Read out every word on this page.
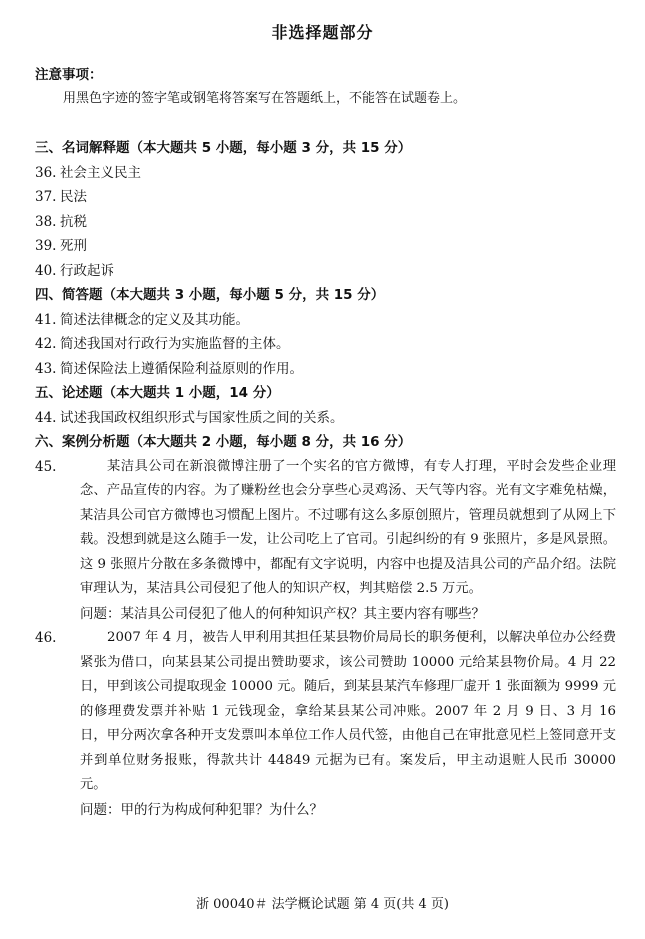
非选择题部分
注意事项：
用黑色字迹的签字笔或钢笔将答案写在答题纸上，不能答在试题卷上。
三、名词解释题（本大题共 5 小题，每小题 3 分，共 15 分）
36. 社会主义民主
37. 民法
38. 抗税
39. 死刑
40. 行政起诉
四、简答题（本大题共 3 小题，每小题 5 分，共 15 分）
41. 简述法律概念的定义及其功能。
42. 简述我国对行政行为实施监督的主体。
43. 简述保险法上遵循保险利益原则的作用。
五、论述题（本大题共 1 小题，14 分）
44. 试述我国政权组织形式与国家性质之间的关系。
六、案例分析题（本大题共 2 小题，每小题 8 分，共 16 分）
45.	某洁具公司在新浪微博注册了一个实名的官方微博，有专人打理，平时会发些企业理念、产品宣传的内容。为了赚粉丝也会分享些心灵鸡汤、天气等内容。光有文字难免枯燥，某洁具公司官方微博也习惯配上图片。不过哪有这么多原创照片，管理员就想到了从网上下载。没想到就是这么随手一发，让公司吃上了官司。引起纠纷的有 9 张照片，多是风景照。这 9 张照片分散在多条微博中，都配有文字说明，内容中也提及洁具公司的产品介绍。法院审理认为，某洁具公司侵犯了他人的知识产权，判其赔偿 2.5 万元。
问题：某洁具公司侵犯了他人的何种知识产权？其主要内容有哪些？
46.	2007 年 4 月，被告人甲利用其担任某县物价局局长的职务便利，以解决单位办公经费紧张为借口，向某县某公司提出赞助要求，该公司赞助 10000 元给某县物价局。4 月 22 日，甲到该公司提取现金 10000 元。随后，到某县某汽车修理厂虚开 1 张面额为 9999 元的修理费发票并补贴 1 元钱现金，拿给某县某公司冲账。2007 年 2 月 9 日、3 月 16 日，甲分两次拿各种开支发票叫本单位工作人员代签，由他自己在审批意见栏上签同意开支并到单位财务报账，得款共计 44849 元据为已有。案发后，甲主动退赃人民币 30000 元。
问题：甲的行为构成何种犯罪？为什么？
浙 00040＃ 法学概论试题 第 4 页(共 4 页)
